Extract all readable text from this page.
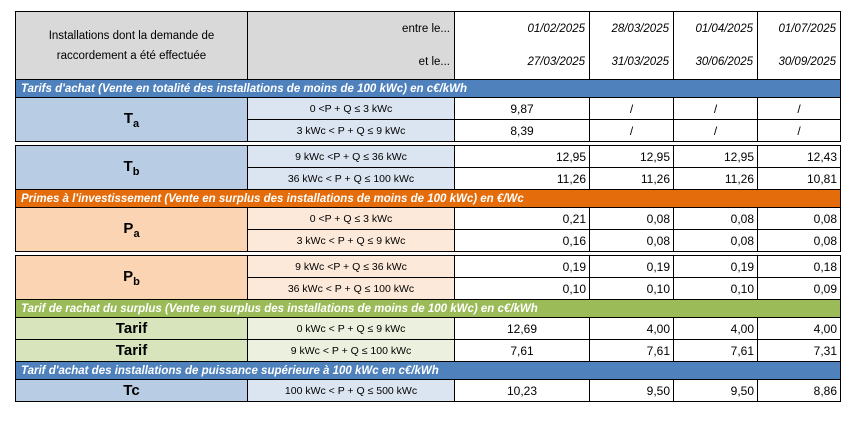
Installations dont la demande de raccordement a été effectuée	entre le...	01/02/2025	28/03/2025	01/04/2025	01/07/2025
	et le...	27/03/2025	31/03/2025	30/06/2025	30/09/2025
Tarifs d'achat (Vente en totalité des installations de moins de 100 kWc) en c€/kWh					
$T_a$	0 <P + Q ≤ 3 kWc	9,87	/	/	/
	3 kWc < P + Q ≤ 9 kWc	8,39	/	/	/

$T_b$	9 kWc <P + Q ≤ 36 kWc	12,95	12,95	12,95	12,43
	36 kWc < P + Q ≤ 100 kWc	11,26	11,26	11,26	10,81
Primes à l'investissement (Vente en surplus des installations de moins de 100 kWc) en €/Wc					
$P_a$	0 <P + Q ≤ 3 kWc	0,21	0,08	0,08	0,08
	3 kWc < P + Q ≤ 9 kWc	0,16	0,08	0,08	0,08

$P_b$	9 kWc <P + Q ≤ 36 kWc	0,19	0,19	0,19	0,18
	36 kWc < P + Q ≤ 100 kWc	0,10	0,10	0,10	0,09
Tarif de rachat du surplus (Vente en surplus des installations de moins de 100 kWc) en c€/kWh					
Tarif	0 kWc < P + Q ≤ 9 kWc	12,69	4,00	4,00	4,00
Tarif	9 kWc < P + Q ≤ 100 kWc	7,61	7,61	7,61	7,31
Tarif d'achat des installations de puissance supérieure à 100 kWc en c€/kWh					
Tc	100 kWc < P + Q ≤ 500 kWc	10,23	9,50	9,50	8,86
